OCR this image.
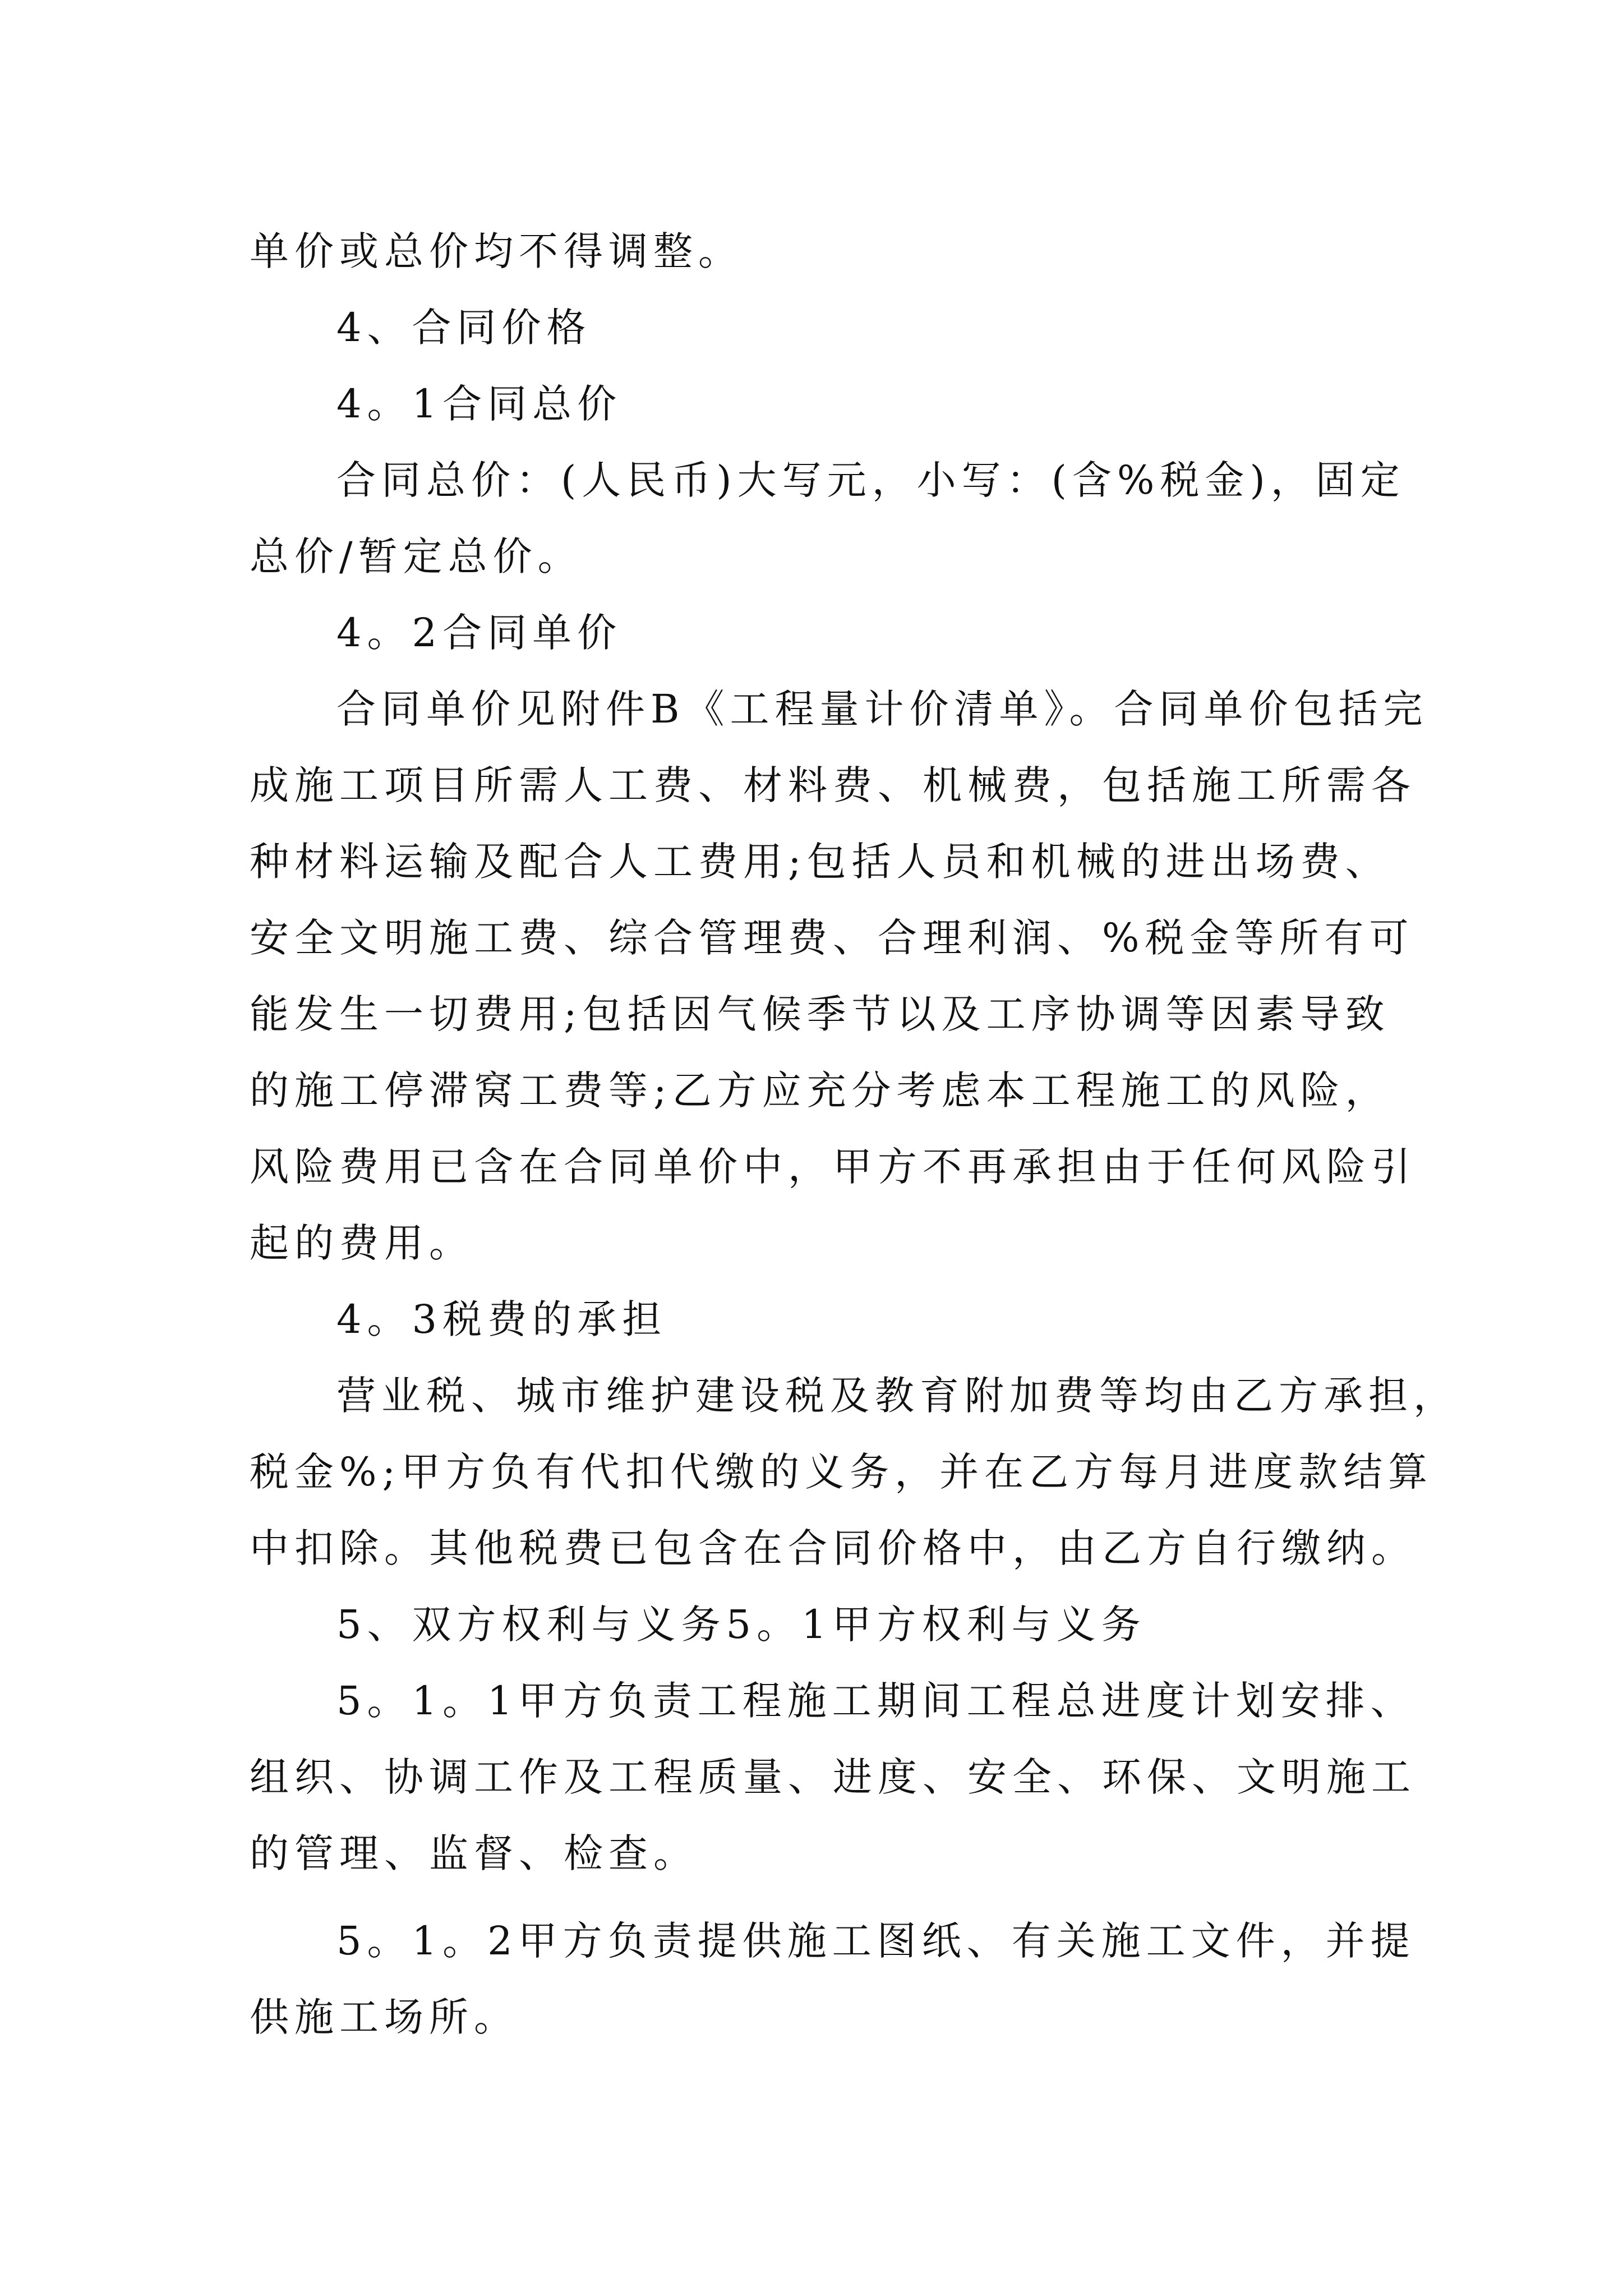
单价或总价均不得调整。

4、合同价格

4。1合同总价

合同总价：(人民币)大写元，小写：(含%税金)，固定

总价/暂定总价。

4。2合同单价

合同单价见附件B《工程量计价清单》。合同单价包括完

成施工项目所需人工费、材料费、机械费，包括施工所需各

种材料运输及配合人工费用;包括人员和机械的进出场费、

安全文明施工费、综合管理费、合理利润、%税金等所有可

能发生一切费用;包括因气候季节以及工序协调等因素导致

的施工停滞窝工费等;乙方应充分考虑本工程施工的风险，

风险费用已含在合同单价中，甲方不再承担由于任何风险引

起的费用。

4。3税费的承担

营业税、城市维护建设税及教育附加费等均由乙方承担，

税金%;甲方负有代扣代缴的义务，并在乙方每月进度款结算

中扣除。其他税费已包含在合同价格中，由乙方自行缴纳。

5、双方权利与义务5。1甲方权利与义务

5。1。1甲方负责工程施工期间工程总进度计划安排、

组织、协调工作及工程质量、进度、安全、环保、文明施工

的管理、监督、检查。

5。1。2甲方负责提供施工图纸、有关施工文件，并提

供施工场所。
